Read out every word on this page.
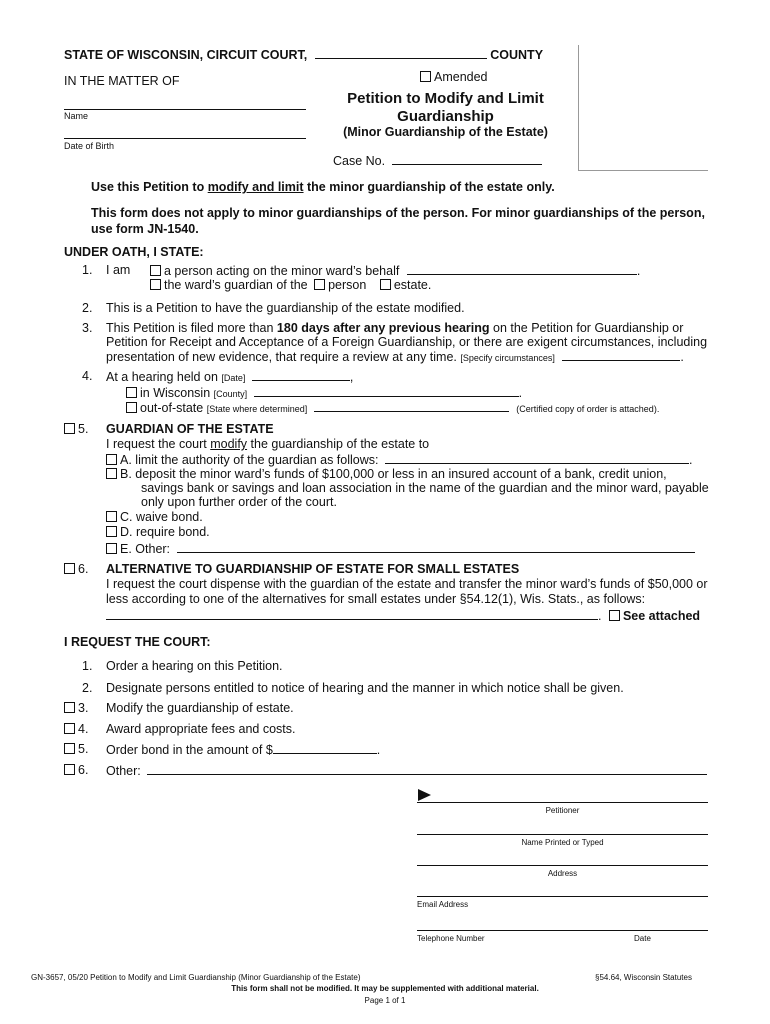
STATE OF WISCONSIN, CIRCUIT COURT,	COUNTY
IN THE MATTER OF
Name
Date of Birth
Amended
Petition to Modify and Limit
Guardianship
(Minor Guardianship of the Estate)
Case No.
Use this Petition to modify and limit the minor guardianship of the estate only.
This form does not apply to minor guardianships of the person. For minor guardianships of the person,
use form JN-1540.
UNDER OATH, I STATE:
1. I am	a person acting on the minor ward’s behalf	.
the ward’s guardian of the person estate.
2. This is a Petition to have the guardianship of the estate modified.
3. This Petition is filed more than 180 days after any previous hearing on the Petition for Guardianship or
Petition for Receipt and Acceptance of a Foreign Guardianship, or there are exigent circumstances, including
presentation of new evidence, that require a review at any time. [Specify circumstances]	.
4. At a hearing held on [Date]	,
in Wisconsin [County]	.
out-of-state [State where determined]	(Certified copy of order is attached).
5. GUARDIAN OF THE ESTATE
I request the court modify the guardianship of the estate to
A. limit the authority of the guardian as follows:	.
B. deposit the minor ward’s funds of $100,000 or less in an insured account of a bank, credit union,
savings bank or savings and loan association in the name of the guardian and the minor ward, payable
only upon further order of the court.
C. waive bond.
D. require bond.
E. Other:
6. ALTERNATIVE TO GUARDIANSHIP OF ESTATE FOR SMALL ESTATES
I request the court dispense with the guardian of the estate and transfer the minor ward’s funds of $50,000 or
less according to one of the alternatives for small estates under §54.12(1), Wis. Stats., as follows:
. See attached
I REQUEST THE COURT:
1. Order a hearing on this Petition.
2. Designate persons entitled to notice of hearing and the manner in which notice shall be given.
3. Modify the guardianship of estate.
4. Award appropriate fees and costs.
5. Order bond in the amount of $	.
6. Other:
Petitioner
Name Printed or Typed
Address
Email Address
Telephone Number	Date
GN-3657, 05/20 Petition to Modify and Limit Guardianship (Minor Guardianship of the Estate)	§54.64, Wisconsin Statutes
This form shall not be modified. It may be supplemented with additional material.
Page 1 of 1
